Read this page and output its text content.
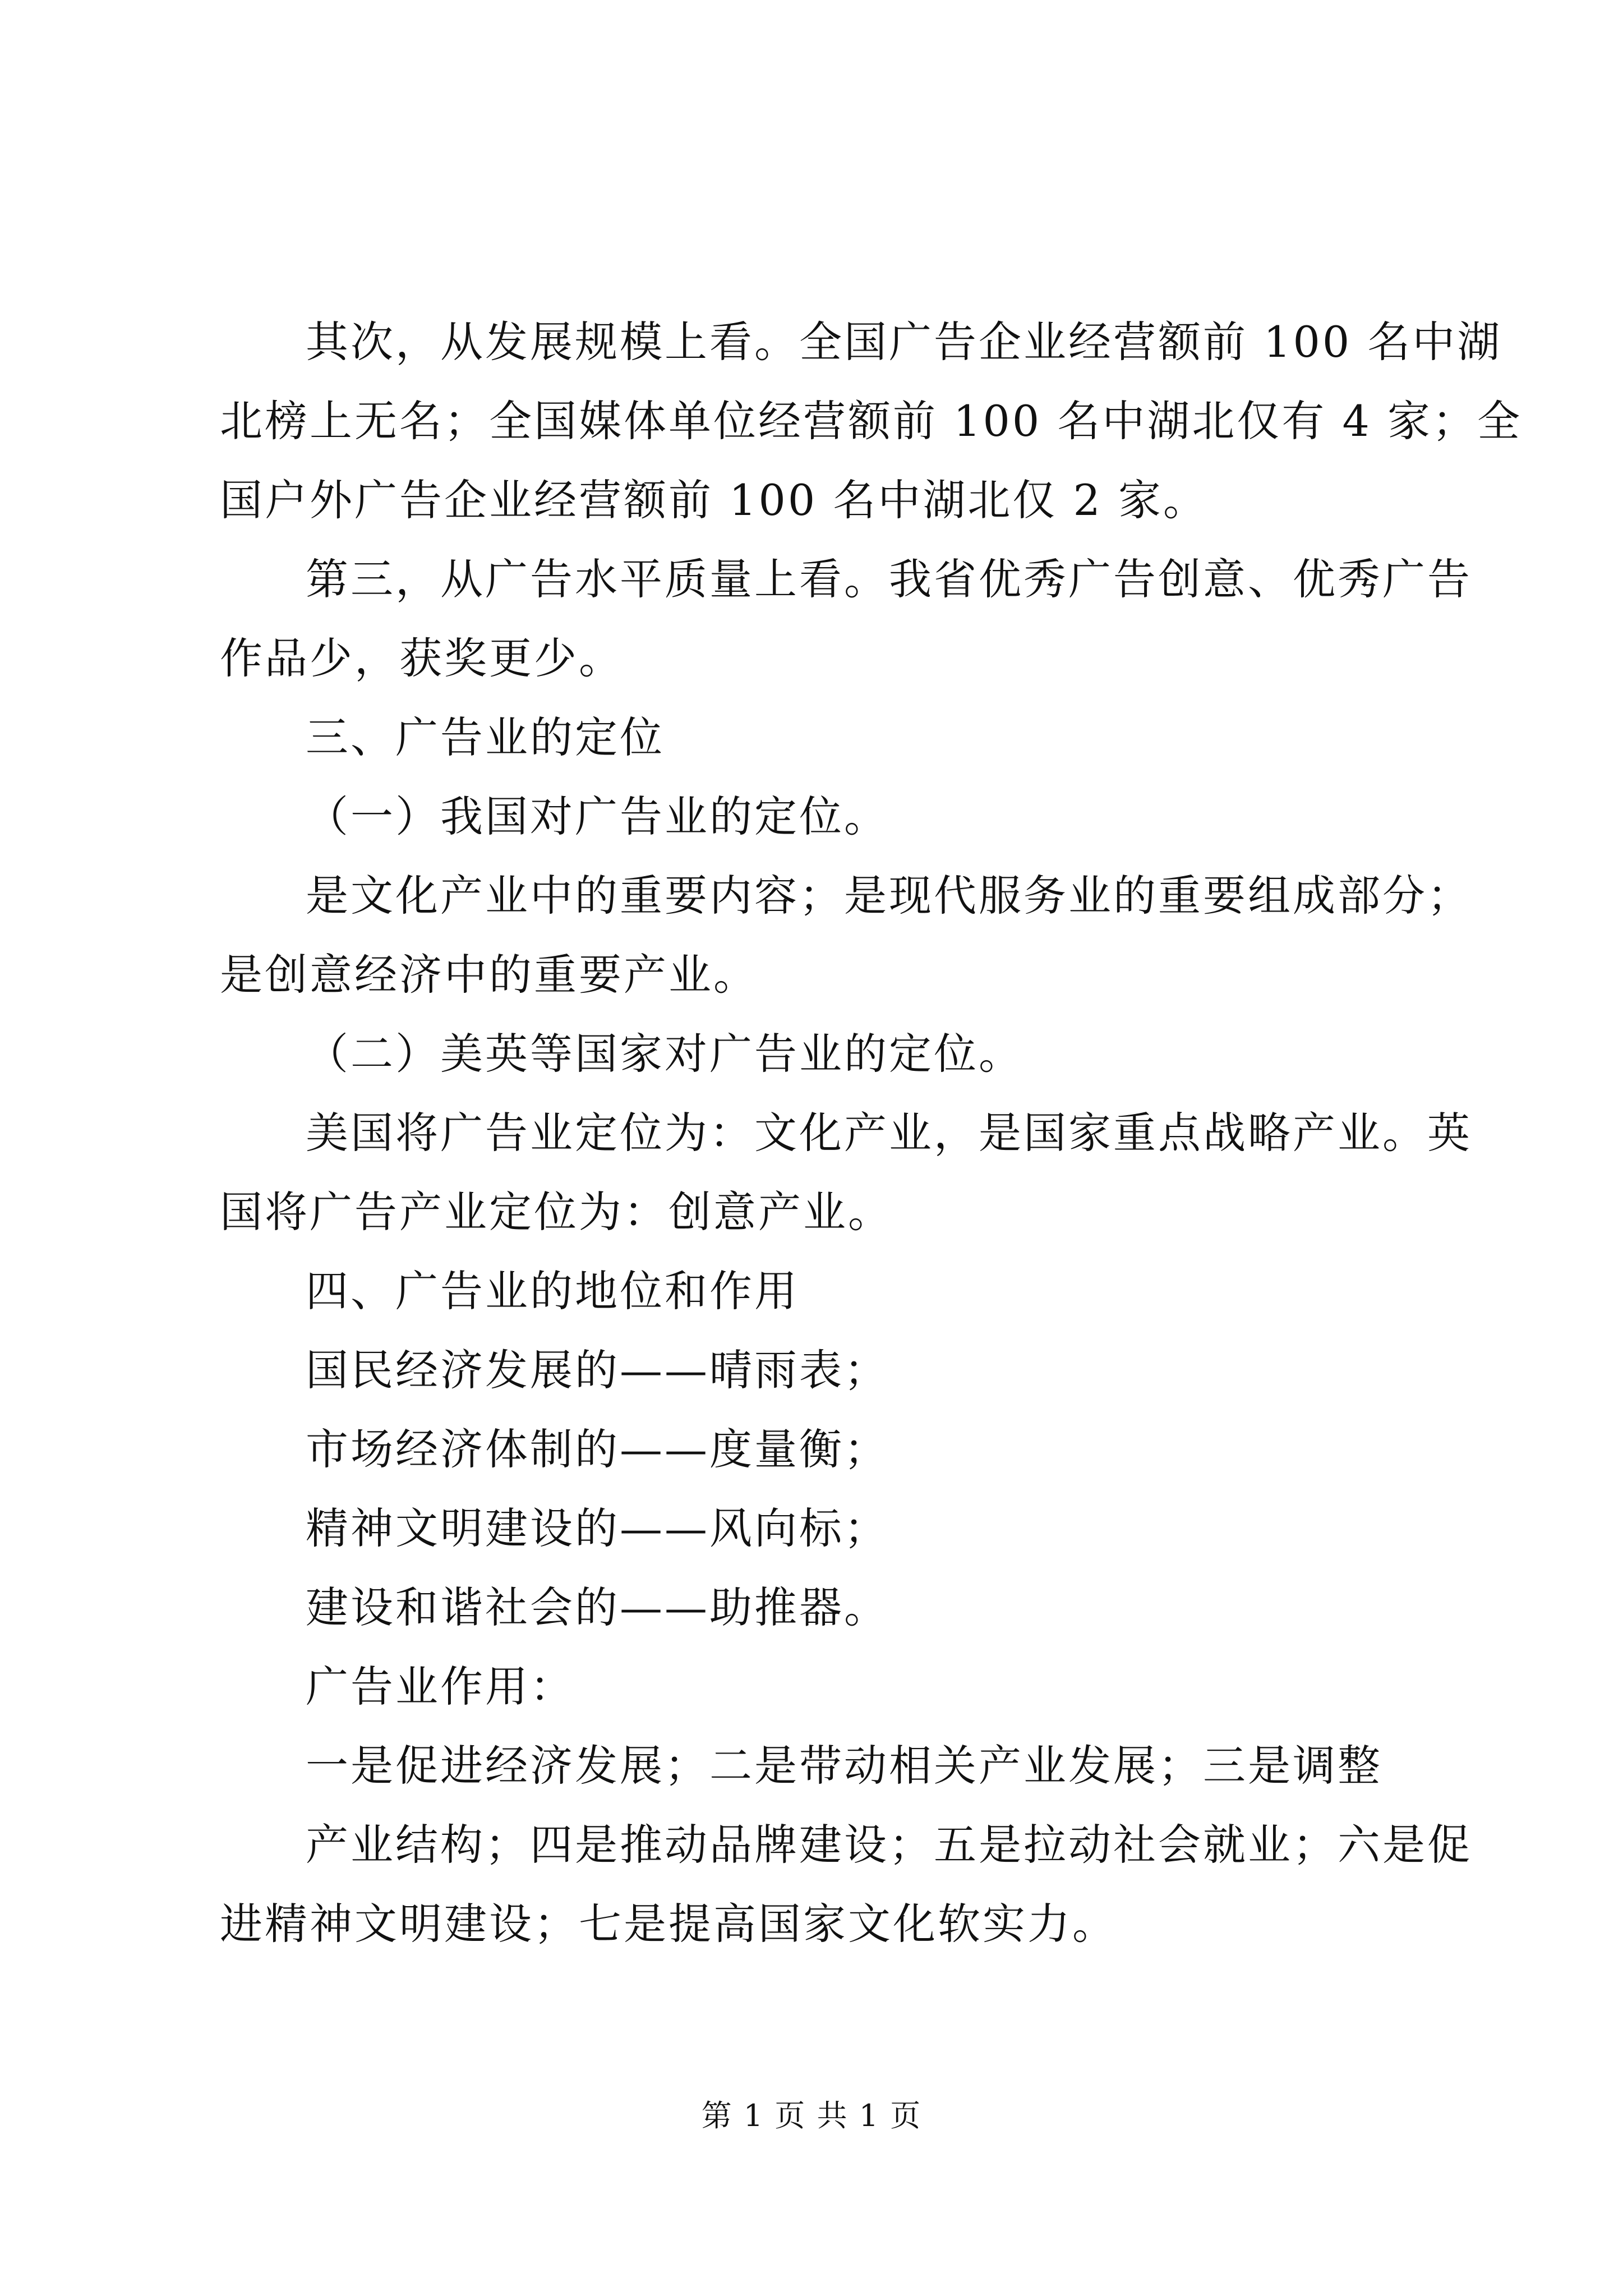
其次，从发展规模上看。全国广告企业经营额前 100 名中湖
北榜上无名；全国媒体单位经营额前 100 名中湖北仅有 4 家；全
国户外广告企业经营额前 100 名中湖北仅 2 家。
第三，从广告水平质量上看。我省优秀广告创意、优秀广告
作品少，获奖更少。
三、广告业的定位
（一）我国对广告业的定位。
是文化产业中的重要内容；是现代服务业的重要组成部分；
是创意经济中的重要产业。
（二）美英等国家对广告业的定位。
美国将广告业定位为：文化产业，是国家重点战略产业。英
国将广告产业定位为：创意产业。
四、广告业的地位和作用
国民经济发展的——晴雨表；
市场经济体制的——度量衡；
精神文明建设的——风向标；
建设和谐社会的——助推器。
广告业作用：
一是促进经济发展；二是带动相关产业发展；三是调整
产业结构；四是推动品牌建设；五是拉动社会就业；六是促
进精神文明建设；七是提高国家文化软实力。
第 1 页 共 1 页
